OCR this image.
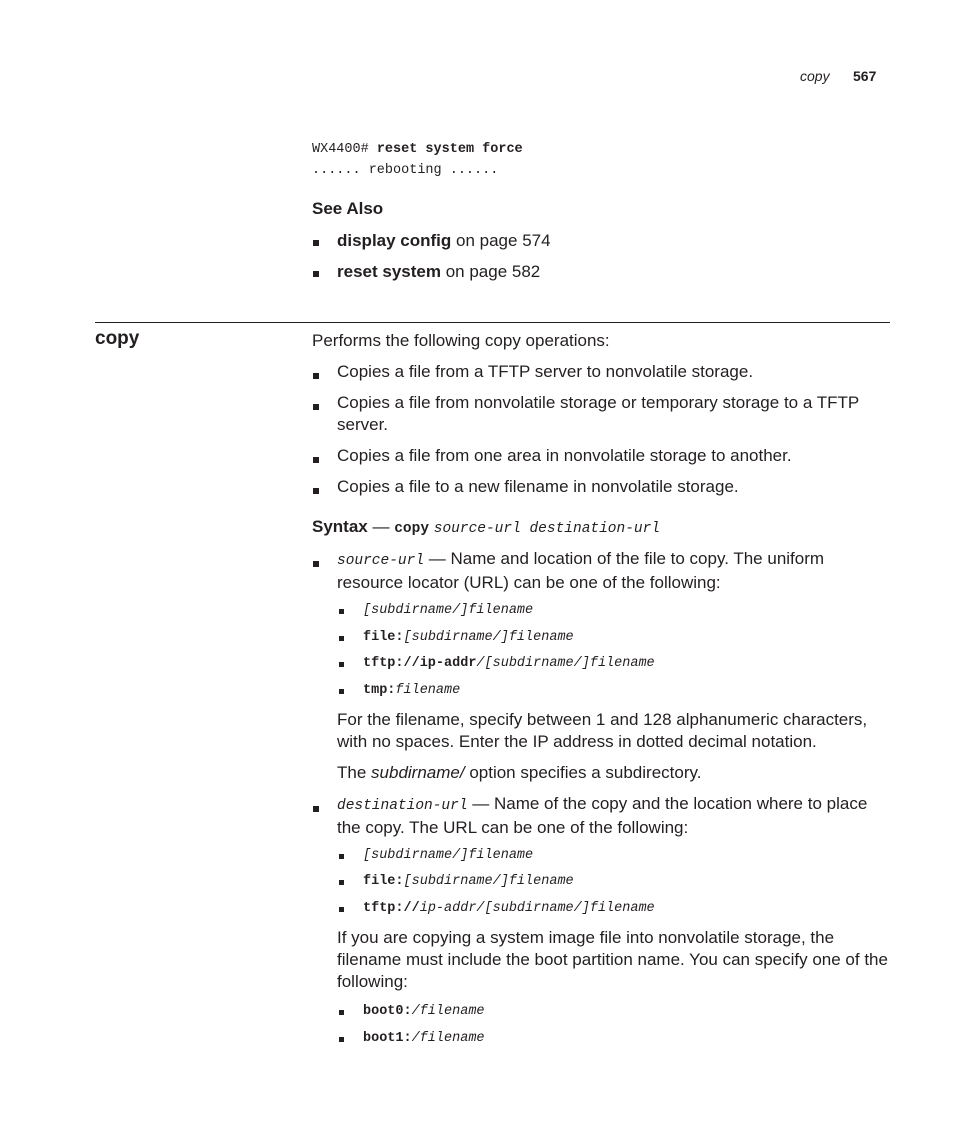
copy 567
WX4400# reset system force
...... rebooting ......
See Also
display config on page 574
reset system on page 582
copy	Performs the following copy operations:
Copies a file from a TFTP server to nonvolatile storage.
Copies a file from nonvolatile storage or temporary storage to a TFTP server.
Copies a file from one area in nonvolatile storage to another.
Copies a file to a new filename in nonvolatile storage.
Syntax — copy source-url destination-url
source-url — Name and location of the file to copy. The uniform resource locator (URL) can be one of the following:
[subdirname/]filename
file:[subdirname/]filename
tftp://ip-addr/[subdirname/]filename
tmp:filename
For the filename, specify between 1 and 128 alphanumeric characters, with no spaces. Enter the IP address in dotted decimal notation.
The subdirname/ option specifies a subdirectory.
destination-url — Name of the copy and the location where to place the copy. The URL can be one of the following:
[subdirname/]filename
file:[subdirname/]filename
tftp://ip-addr/[subdirname/]filename
If you are copying a system image file into nonvolatile storage, the filename must include the boot partition name. You can specify one of the following:
boot0:/filename
boot1:/filename
